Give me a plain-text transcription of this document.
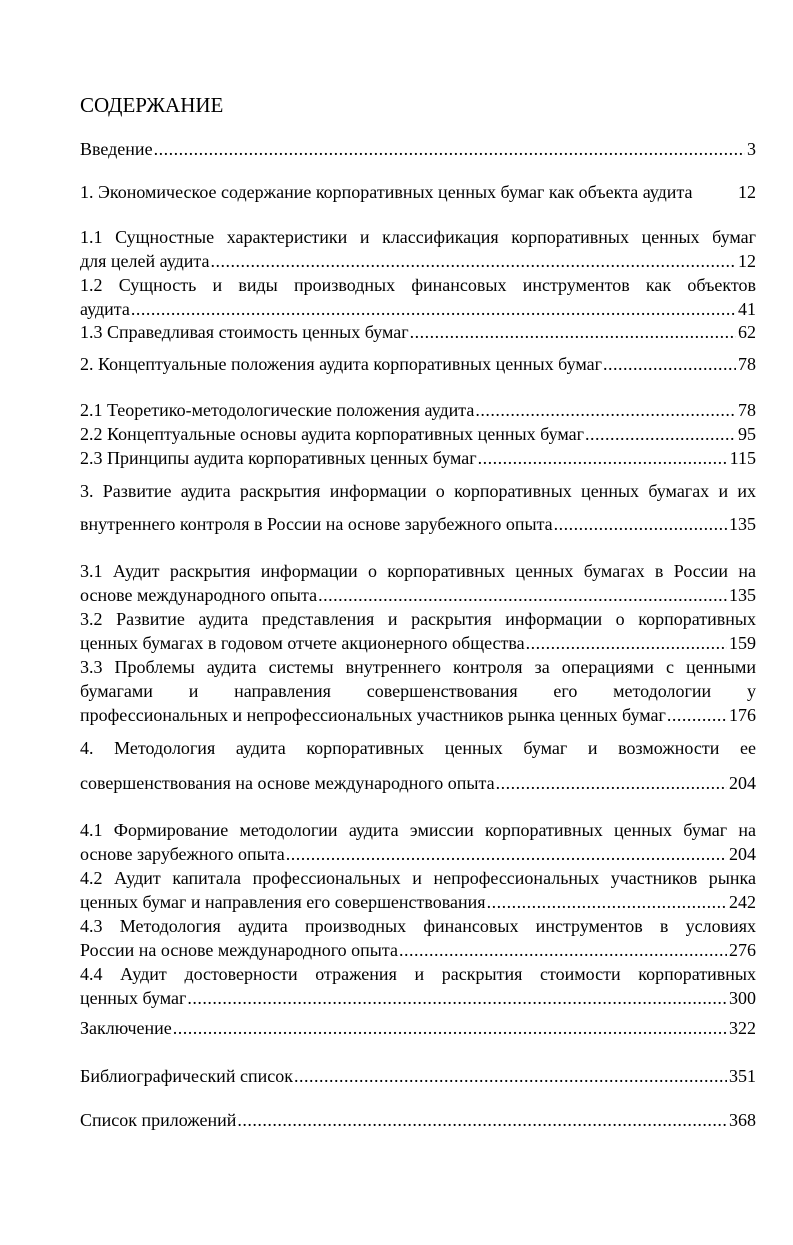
СОДЕРЖАНИЕ
Введение .....	3
1. Экономическое содержание корпоративных ценных бумаг как объекта аудита	12
1.1 Сущностные характеристики и классификация корпоративных ценных бумаг
для целей аудита .....	12
1.2 Сущность и виды производных финансовых инструментов как объектов
аудита .....	41
1.3 Справедливая стоимость ценных бумаг .....	62
2. Концептуальные положения аудита корпоративных ценных бумаг .....	78
2.1 Теоретико-методологические положения аудита .....	78
2.2 Концептуальные основы аудита корпоративных ценных бумаг .....	95
2.3 Принципы аудита корпоративных ценных бумаг .....	115
3. Развитие аудита раскрытия информации о корпоративных ценных бумагах и их
внутреннего контроля в России на основе зарубежного опыта .....	135
3.1 Аудит раскрытия информации о корпоративных ценных бумагах в России на
основе международного опыта .....	135
3.2 Развитие аудита представления и раскрытия информации о корпоративных
ценных бумагах в годовом отчете акционерного общества .....	159
3.3 Проблемы аудита системы внутреннего контроля за операциями с ценными
бумагами и направления совершенствования его методологии у
профессиональных и непрофессиональных участников рынка ценных бумаг .....	176
4. Методология аудита корпоративных ценных бумаг и возможности ее
совершенствования на основе международного опыта .....	204
4.1 Формирование методологии аудита эмиссии корпоративных ценных бумаг на
основе зарубежного опыта .....	204
4.2 Аудит капитала профессиональных и непрофессиональных участников рынка
ценных бумаг и направления его совершенствования .....	242
4.3 Методология аудита производных финансовых инструментов в условиях
России на основе международного опыта .....	276
4.4 Аудит достоверности отражения и раскрытия стоимости корпоративных
ценных бумаг .....	300
Заключение .....	322
Библиографический список .....	351
Список приложений .....	368
